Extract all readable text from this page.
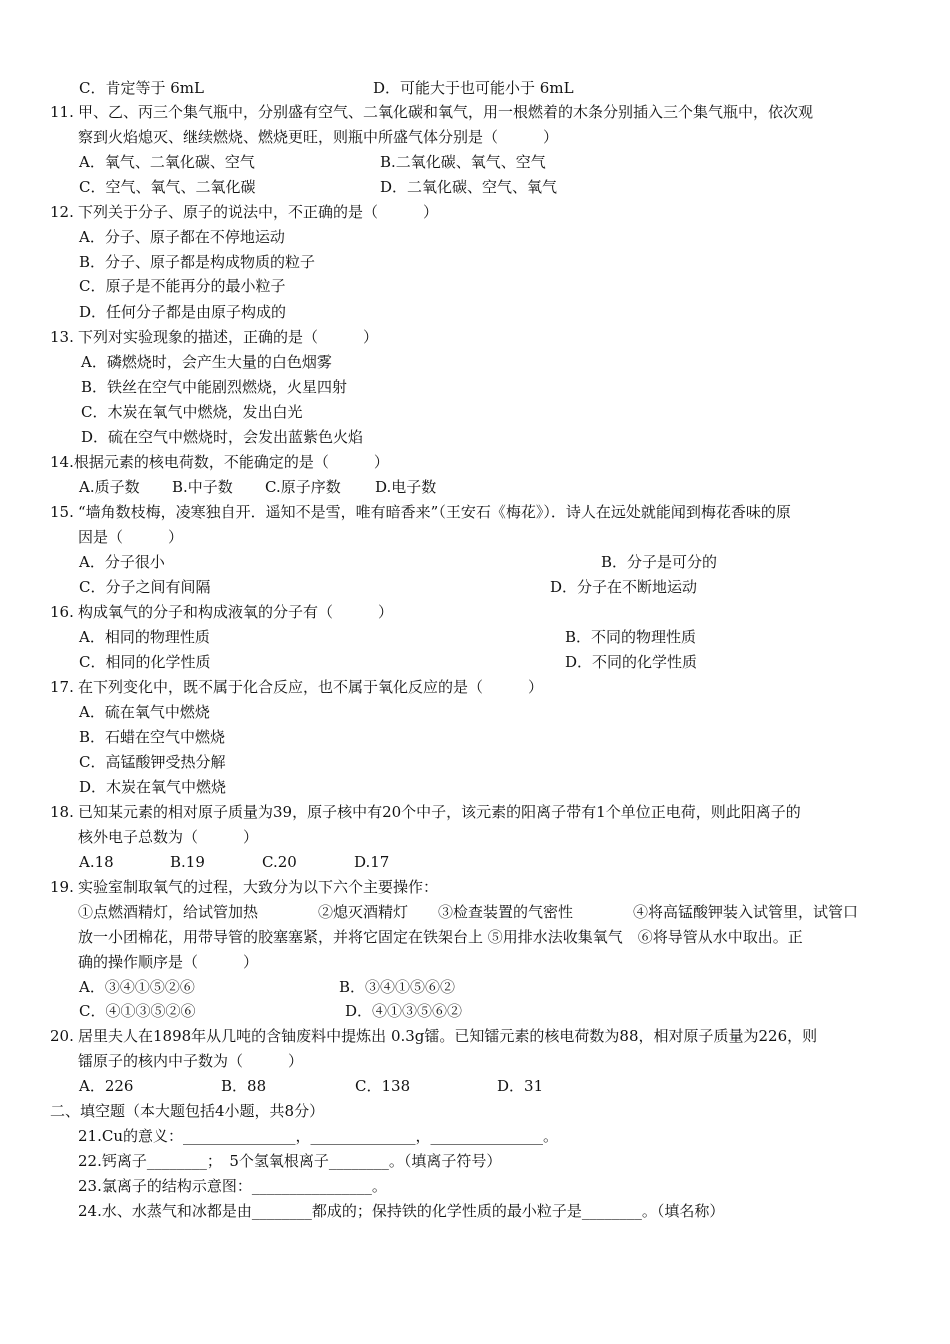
C．肯定等于 6mL	D．可能大于也可能小于 6mL
11. 甲、乙、丙三个集气瓶中，分别盛有空气、二氧化碳和氧气，用一根燃着的木条分别插入三个集气瓶中，依次观
察到火焰熄灭、继续燃烧、燃烧更旺，则瓶中所盛气体分别是（　　　）
A．氧气、二氧化碳、空气	B.二氧化碳、氧气、空气
C．空气、氧气、二氧化碳	D．二氧化碳、空气、氧气
12. 下列关于分子、原子的说法中，不正确的是（　　　）
A．分子、原子都在不停地运动
B．分子、原子都是构成物质的粒子
C．原子是不能再分的最小粒子
D．任何分子都是由原子构成的
13. 下列对实验现象的描述，正确的是（　　　）
A．磷燃烧时，会产生大量的白色烟雾
B．铁丝在空气中能剧烈燃烧，火星四射
C．木炭在氧气中燃烧，发出白光
D．硫在空气中燃烧时，会发出蓝紫色火焰
14.根据元素的核电荷数，不能确定的是（　　　）
A.质子数 B.中子数 C.原子序数 D.电子数
15. “墙角数枝梅，凌寒独自开．遥知不是雪，唯有暗香来”（王安石《梅花》）．诗人在远处就能闻到梅花香味的原
因是（　　　）
A．分子很小	B．分子是可分的
C．分子之间有间隔	D．分子在不断地运动
16. 构成氧气的分子和构成液氧的分子有（　　　）
A．相同的物理性质	B．不同的物理性质
C．相同的化学性质	D．不同的化学性质
17. 在下列变化中，既不属于化合反应，也不属于氧化反应的是（　　　）
A．硫在氧气中燃烧
B．石蜡在空气中燃烧
C．高锰酸钾受热分解
D．木炭在氧气中燃烧
18. 已知某元素的相对原子质量为39，原子核中有20个中子，该元素的阳离子带有1个单位正电荷，则此阳离子的
核外电子总数为（　　　）
A.18	B.19	C.20	D.17
19. 实验室制取氧气的过程，大致分为以下六个主要操作：
①点燃酒精灯，给试管加热　　　　②熄灭酒精灯　　③检查装置的气密性　　　　④将高锰酸钾装入试管里，试管口
放一小团棉花，用带导管的胶塞塞紧，并将它固定在铁架台上 ⑤用排水法收集氧气　⑥将导管从水中取出。正
确的操作顺序是（　　　）
A．③④①⑤②⑥	B．③④①⑤⑥②
C．④①③⑤②⑥	D．④①③⑤⑥②
20. 居里夫人在1898年从几吨的含铀废料中提炼出 0.3g镭。已知镭元素的核电荷数为88，相对原子质量为226，则
镭原子的核内中子数为（　　　）
A．226	B．88	C．138	D．31
二、填空题（本大题包括4小题，共8分）
21.Cu的意义：_______________，______________，_______________。
22.钙离子________；　5个氢氧根离子________。（填离子符号）
23.氯离子的结构示意图：________________。
24.水、水蒸气和冰都是由________都成的；保持铁的化学性质的最小粒子是________。（填名称）
